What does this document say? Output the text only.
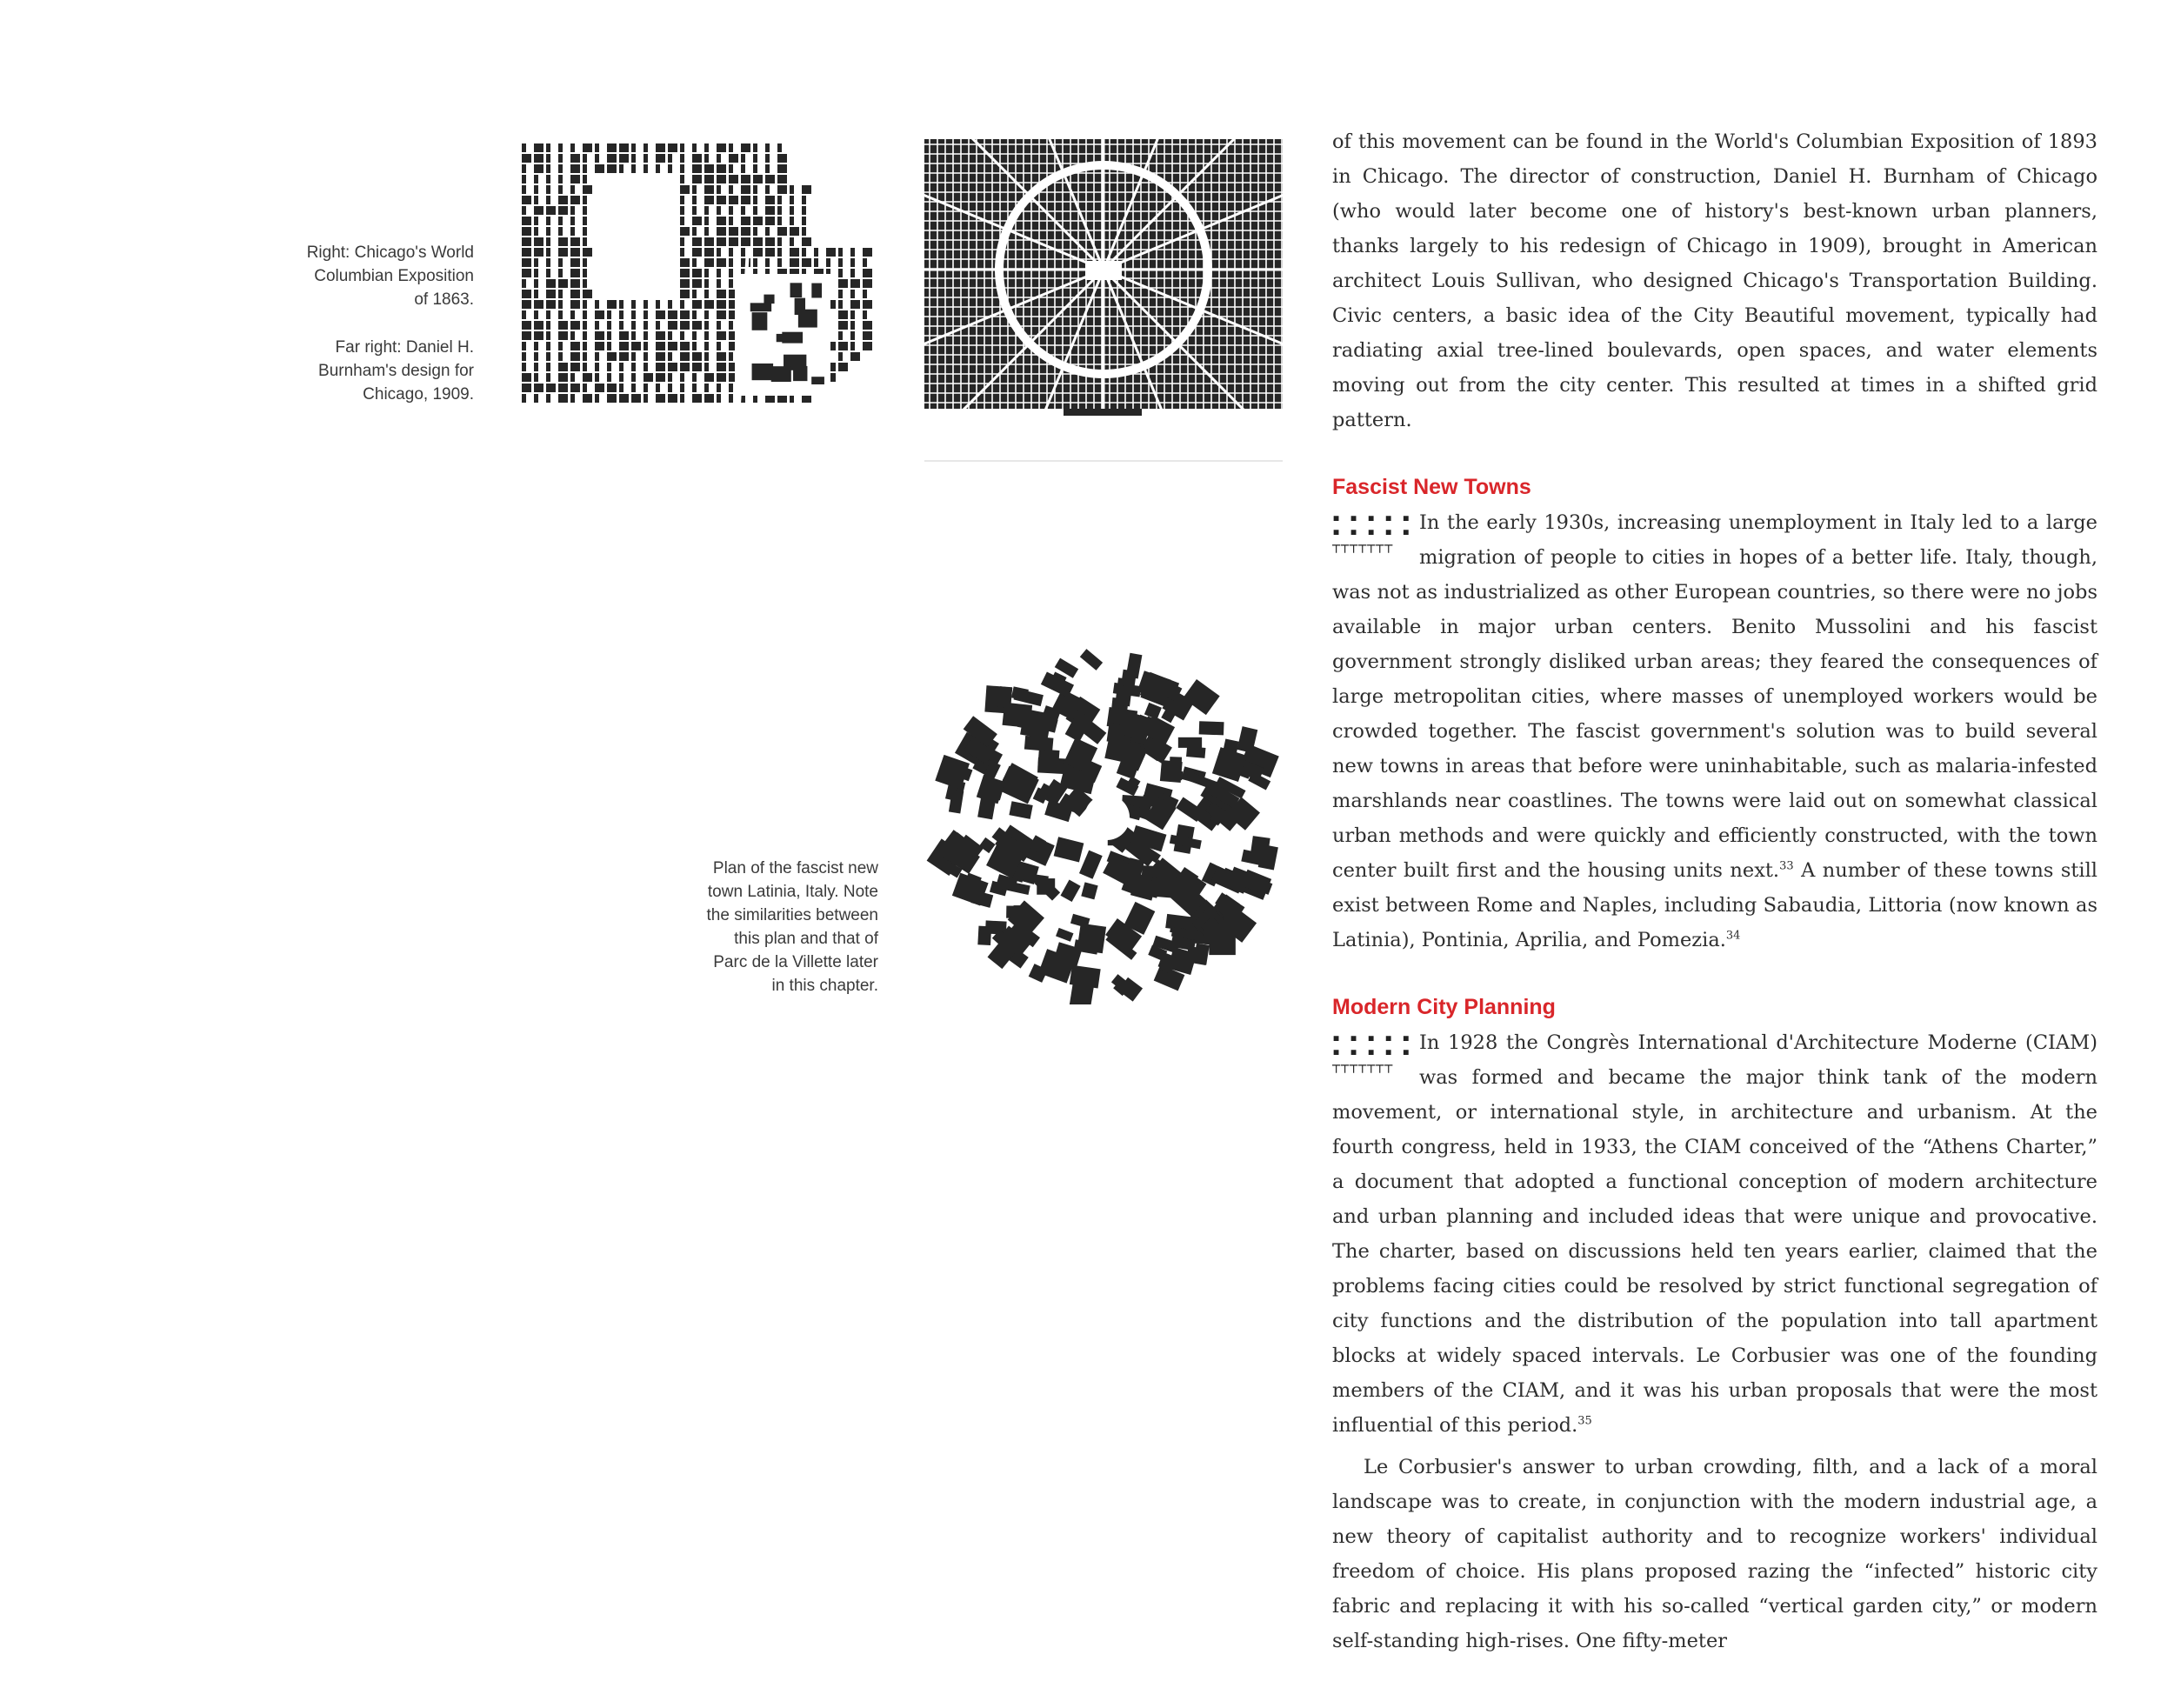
Right: Chicago's World
Columbian Exposition
of 1863.

Far right: Daniel H.
Burnham's design for
Chicago, 1909.

Plan of the fascist new
town Latinia, Italy. Note
the similarities between
this plan and that of
Parc de la Villette later
in this chapter.

of this movement can be found in the World's Columbian Exposition of 1893 in Chicago. The director of construction, Daniel H. Burnham of Chicago (who would later become one of history's best-known urban planners, thanks largely to his redesign of Chicago in 1909), brought in American architect Louis Sullivan, who designed Chicago's Transportation Building. Civic centers, a basic idea of the City Beautiful movement, typically had radiating axial tree-lined boulevards, open spaces, and water elements moving out from the city center. This resulted at times in a shifted grid pattern.

Fascist New Towns

▪ ▪ ▪ ▪ ▪
▪ ▪ ▪ ▪ ▪
┬┬┬┬┬┬┬
In the early 1930s, increasing unemployment in Italy led to a large migration of people to cities in hopes of a better life. Italy, though, was not as industrialized as other European countries, so there were no jobs available in major urban centers. Benito Mussolini and his fascist government strongly disliked urban areas; they feared the consequences of large metropolitan cities, where masses of unemployed workers would be crowded together. The fascist government's solution was to build several new towns in areas that before were uninhabitable, such as malaria-infested marshlands near coastlines. The towns were laid out on somewhat classical urban methods and were quickly and efficiently constructed, with the town center built first and the housing units next.$^{33}$ A number of these towns still exist between Rome and Naples, including Sabaudia, Littoria (now known as Latinia), Pontinia, Aprilia, and Pomezia.$^{34}$

Modern City Planning

▪ ▪ ▪ ▪ ▪
▪ ▪ ▪ ▪ ▪
┬┬┬┬┬┬┬
In 1928 the Congrès International d'Architecture Moderne (CIAM) was formed and became the major think tank of the modern movement, or international style, in architecture and urbanism. At the fourth congress, held in 1933, the CIAM conceived of the “Athens Charter,” a document that adopted a functional conception of modern architecture and urban planning and included ideas that were unique and provocative. The charter, based on discussions held ten years earlier, claimed that the problems facing cities could be resolved by strict functional segregation of city functions and the distribution of the population into tall apartment blocks at widely spaced intervals. Le Corbusier was one of the founding members of the CIAM, and it was his urban proposals that were the most influential of this period.$^{35}$

Le Corbusier's answer to urban crowding, filth, and a lack of a moral landscape was to create, in conjunction with the modern industrial age, a new theory of capitalist authority and to recognize workers' individual freedom of choice. His plans proposed razing the “infected” historic city fabric and replacing it with his so-called “vertical garden city,” or modern self-standing high-rises. One fifty-meter
